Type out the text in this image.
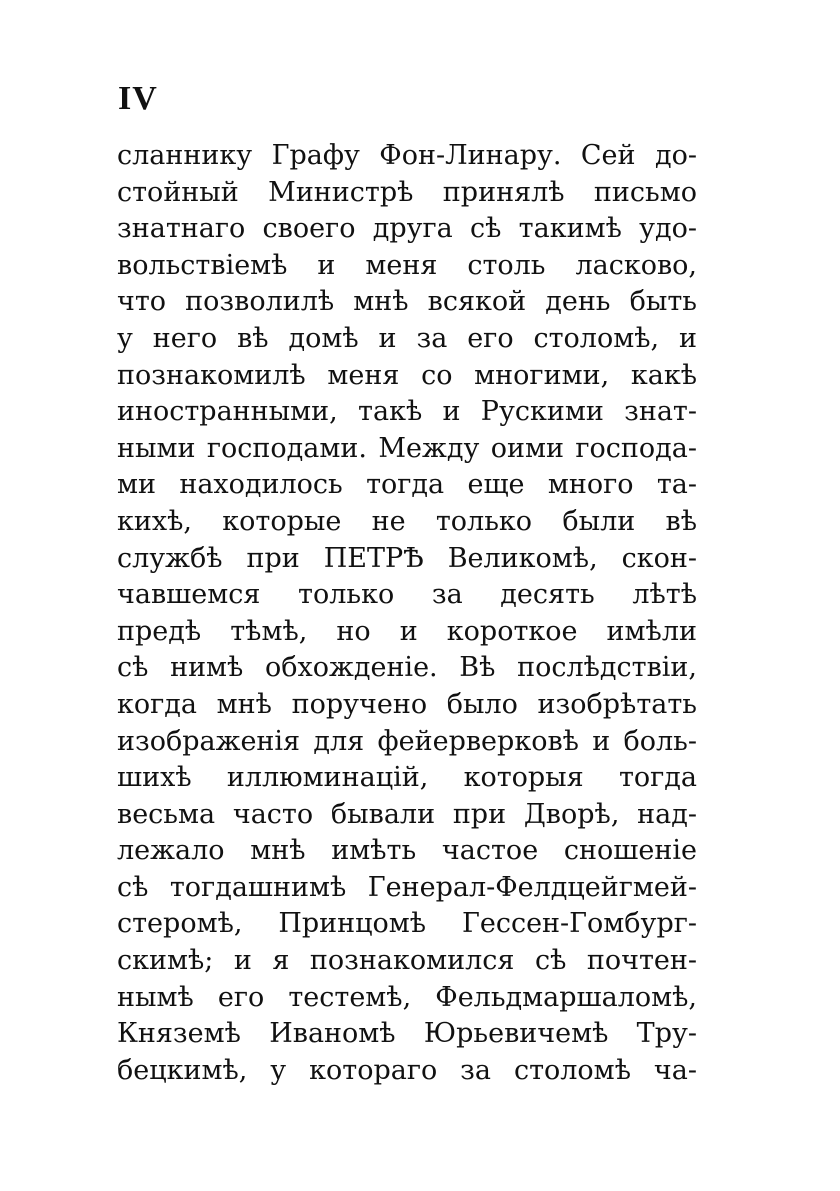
IV
сланнику Графу Фон-Линару. Сей до-
стойный Министрѣ принялѣ письмо
знатнаго своего друга сѣ такимѣ удо-
вольствіемѣ и меня столь ласково,
что позволилѣ мнѣ всякой день быть
у него вѣ домѣ и за его столомѣ, и
познакомилѣ меня со многими, какѣ
иностранными, такѣ и Рускими знат-
ными господами. Между оими господа-
ми находилось тогда еще много та-
кихѣ, которые не только были вѣ
службѣ при ПЕТРѢ Великомѣ, скон-
чавшемся только за десять лѣтѣ
предѣ тѣмѣ, но и короткое имѣли
сѣ нимѣ обхожденіе. Вѣ послѣдствіи,
когда мнѣ поручено было изобрѣтать
изображенія для фейерверковѣ и боль-
шихѣ иллюминацій, которыя тогда
весьма часто бывали при Дворѣ, над-
лежало мнѣ имѣть частое сношеніе
сѣ тогдашнимѣ Генерал-Фелдцейгмей-
стеромѣ, Принцомѣ Гессен-Гомбург-
скимѣ; и я познакомился сѣ почтен-
нымѣ его тестемѣ, Фельдмаршаломѣ,
Княземѣ Иваномѣ Юрьевичемѣ Тру-
бецкимѣ, у котораго за столомѣ ча-
